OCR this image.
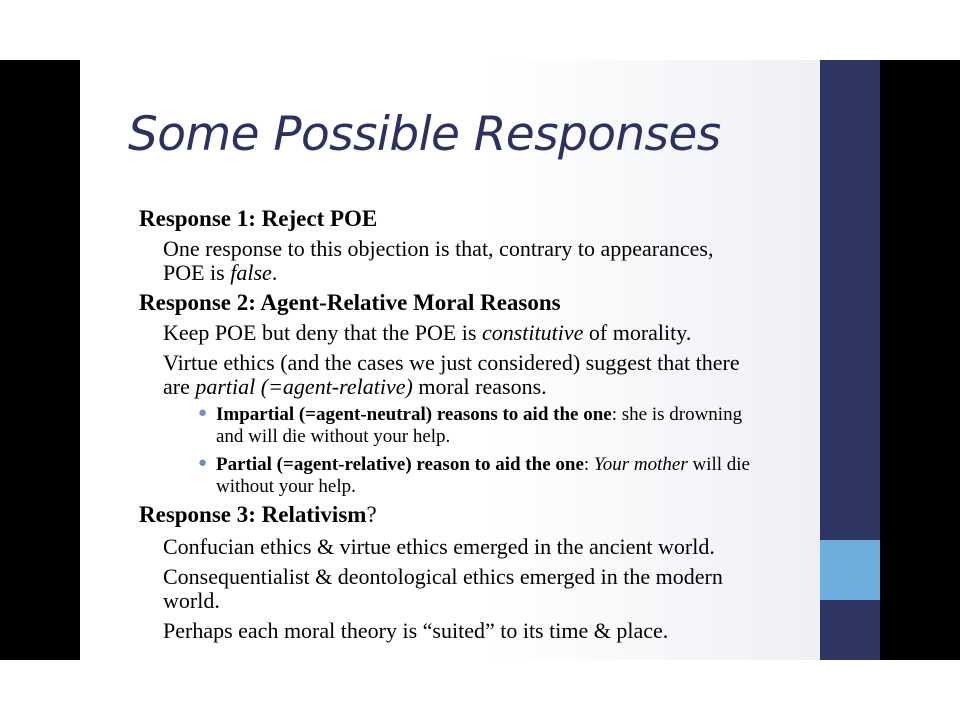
Some Possible Responses
Response 1: Reject POE
One response to this objection is that, contrary to appearances,
POE is false.
Response 2: Agent-Relative Moral Reasons
Keep POE but deny that the POE is constitutive of morality.
Virtue ethics (and the cases we just considered) suggest that there
are partial (=agent-relative) moral reasons.
● Impartial (=agent-neutral) reasons to aid the one: she is drowning
and will die without your help.
● Partial (=agent-relative) reason to aid the one: Your mother will die
without your help.
Response 3: Relativism?
Confucian ethics & virtue ethics emerged in the ancient world.
Consequentialist & deontological ethics emerged in the modern
world.
Perhaps each moral theory is “suited” to its time & place.
